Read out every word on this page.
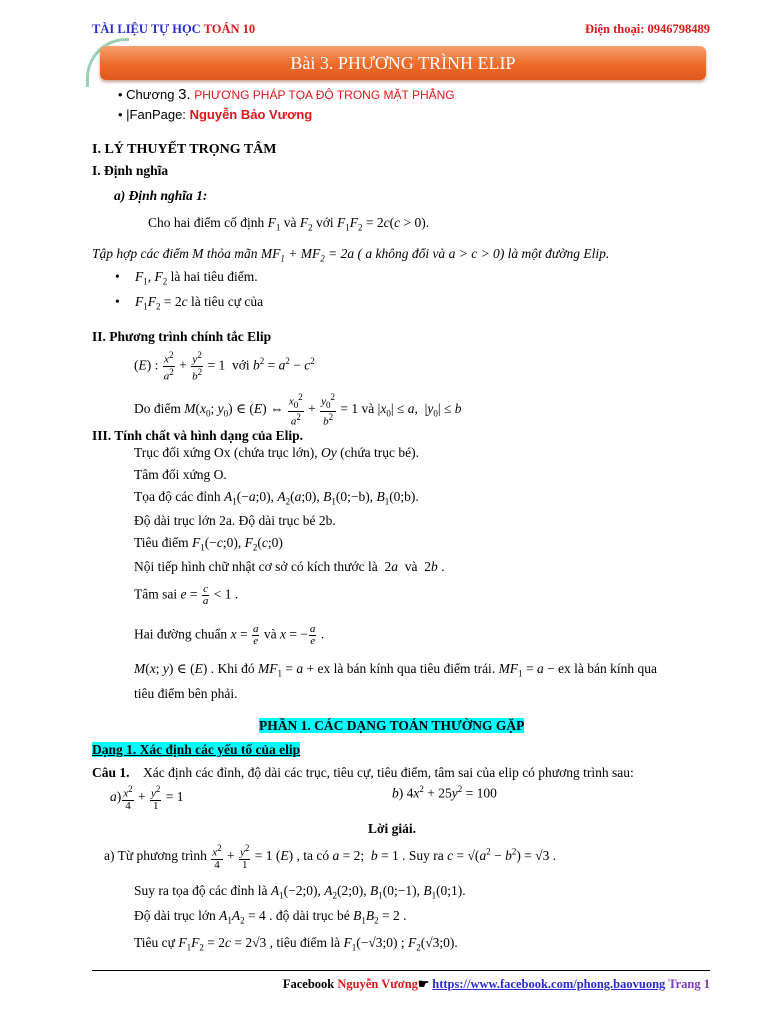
TÀI LIỆU TỰ HỌC TOÁN 10	Điện thoại: 0946798489
Bài 3. PHƯƠNG TRÌNH ELIP
• Chương 3. PHƯƠNG PHÁP TỌA ĐỘ TRONG MẶT PHẲNG
• |FanPage: Nguyễn Bảo Vương
I. LÝ THUYẾT TRỌNG TÂM
I. Định nghĩa
a) Định nghĩa 1:
Cho hai điểm cố định $F_1$ và $F_2$ với $F_1F_2 = 2c(c > 0)$.
Tập hợp các điểm M thỏa mãn $MF_1 + MF_2 = 2a$ ( a không đổi và a > c > 0) là một đường Elip.
• $F_1$, $F_2$ là hai tiêu điểm.
• $F_1F_2 = 2c$ là tiêu cự của
II. Phương trình chính tắc Elip
(E) : $\frac{x^2}{a^2} + \frac{y^2}{b^2} = 1$  với $b^2 = a^2 - c^2$
Do điểm $M(x_0$; $y_0$) ∈ (E) ⇔ $\frac{x_0^2}{a^2} + \frac{y_0^2}{b^2} = 1$ và $|x_0| \le a$,  $|y_0| \le b$
III. Tính chất và hình dạng của Elip.
Trục đối xứng Ox (chứa trục lớn), Oy (chứa trục bé).
Tâm đối xứng O.
Tọa độ các đỉnh $A_1(-a;0)$, $A_2(a;0)$, $B_1(0;-b)$, $B_1(0;b)$.
Độ dài trục lớn 2a. Độ dài trục bé 2b.
Tiêu điểm $F_1(-c;0)$, $F_2(c;0)$
Nội tiếp hình chữ nhật cơ sở có kích thước là  2a và  2b .
Tâm sai $e = \frac{c}{a} < 1$ .
Hai đường chuẩn $x = \frac{a}{e}$ và x = − $\frac{a}{e}$ .
M(x; y) ∈ (E) . Khi đó $MF_1 = a$ + ex là bán kính qua tiêu điểm trái. $MF_1 = a$ − ex là bán kính qua
tiêu điểm bên phải.
PHẦN 1. CÁC DẠNG TOÁN THƯỜNG GẶP
Dạng 1. Xác định các yếu tố của elip
Câu 1. Xác định các đỉnh, độ dài các trục, tiêu cự, tiêu điểm, tâm sai của elip có phương trình sau:
$a) \frac{x^2}{4} + \frac{y^2}{1} = 1$	b) $4x^2 + 25y^2 = 100$
Lời giải.
a) Từ phương trình $\frac{x^2}{4} + \frac{y^2}{1} = 1$ (E) , ta có a = 2;  b = 1 . Suy ra $c = √(a^2 - b^2) = √3$ .
Suy ra tọa độ các đỉnh là $A_1(-2;0)$, $A_2(2;0)$, $B_1(0;-1)$, $B_1(0;1)$.
Độ dài trục lớn $A_1A_2 = 4$ . độ dài trục bé $B_1B_2 = 2$ .
Tiêu cự $F_1F_2 = 2c = 2√3$ , tiêu điểm là $F_1(-√3;0)$ ; $F_2(√3;0)$.
Facebook Nguyễn Vương☛ https://www.facebook.com/phong.baovuong Trang 1
